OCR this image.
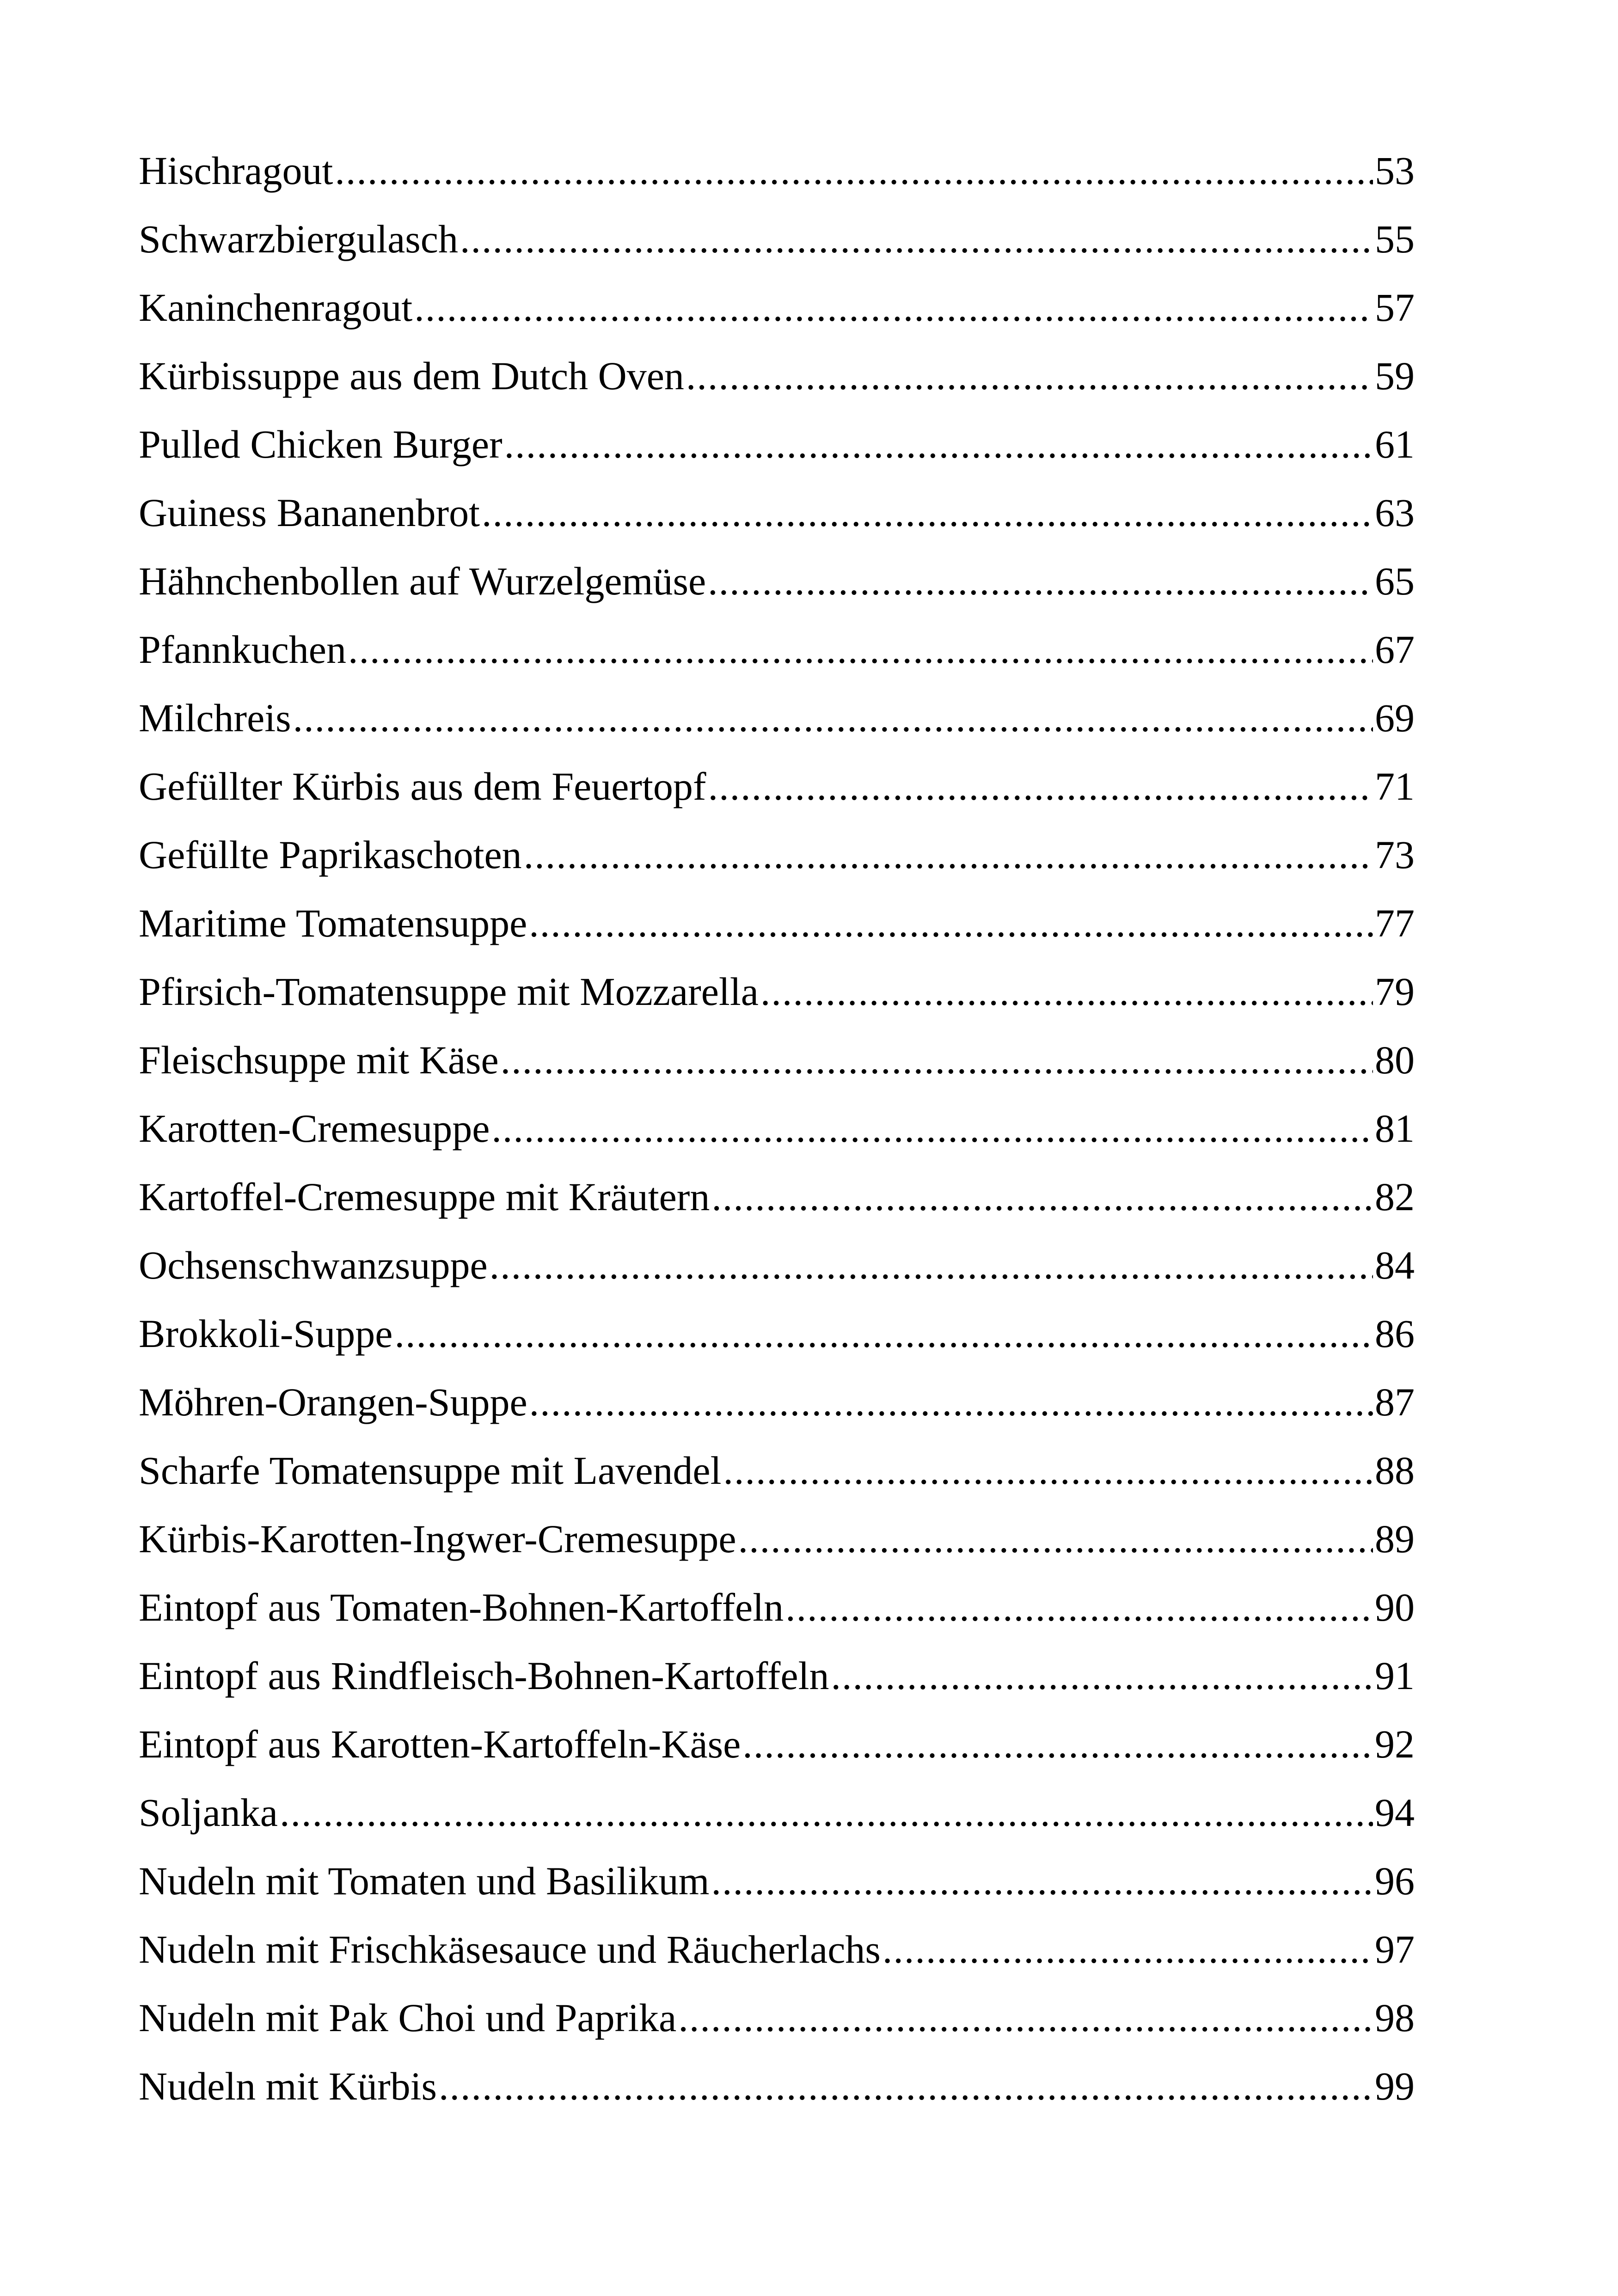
Hischragout .....	53
Schwarzbiergulasch .....	55
Kaninchenragout .....	57
Kürbissuppe aus dem Dutch Oven .....	59
Pulled Chicken Burger .....	61
Guiness Bananenbrot .....	63
Hähnchenbollen auf Wurzelgemüse .....	65
Pfannkuchen .....	67
Milchreis .....	69
Gefüllter Kürbis aus dem Feuertopf .....	71
Gefüllte Paprikaschoten .....	73
Maritime Tomatensuppe .....	77
Pfirsich-Tomatensuppe mit Mozzarella .....	79
Fleischsuppe mit Käse .....	80
Karotten-Cremesuppe .....	81
Kartoffel-Cremesuppe mit Kräutern .....	82
Ochsenschwanzsuppe .....	84
Brokkoli-Suppe .....	86
Möhren-Orangen-Suppe .....	87
Scharfe Tomatensuppe mit Lavendel .....	88
Kürbis-Karotten-Ingwer-Cremesuppe .....	89
Eintopf aus Tomaten-Bohnen-Kartoffeln .....	90
Eintopf aus Rindfleisch-Bohnen-Kartoffeln .....	91
Eintopf aus Karotten-Kartoffeln-Käse .....	92
Soljanka .....	94
Nudeln mit Tomaten und Basilikum .....	96
Nudeln mit Frischkäsesauce und Räucherlachs .....	97
Nudeln mit Pak Choi und Paprika .....	98
Nudeln mit Kürbis .....	99
